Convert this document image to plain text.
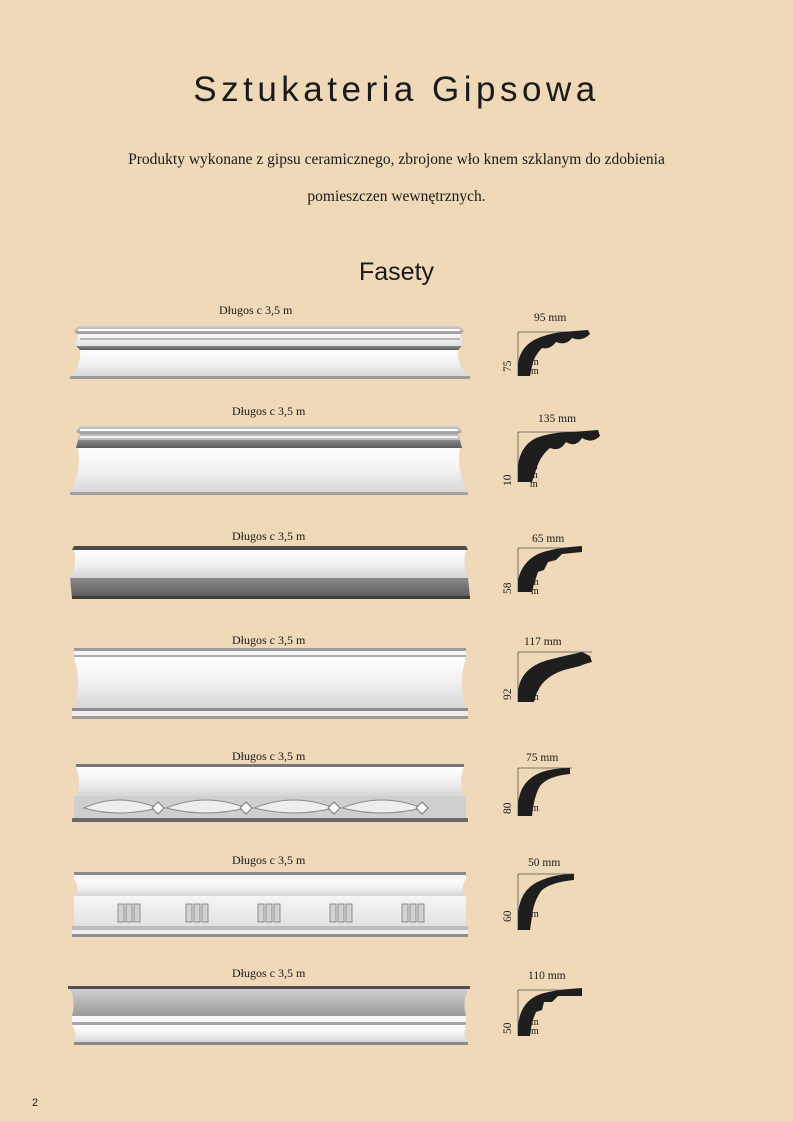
Sztukateria Gipsowa

Produkty wykonane z gipsu ceramicznego, zbrojone wło knem szklanym do zdobienia

pomieszczen wewnętrznych.

Fasety
Długos c 3,5 m
95 mm
75 m m
Długos c 3,5 m
135 mm
10
m m m
Długos c 3,5 m	65 mm
58 m m
Długos c 3,5 m	117 mm
92 m m
Długos c 3,5 m	75 mm
80 m
Długos c 3,5 m	50 mm
60 m
Długos c 3,5 m	110 mm
50 m m
2
